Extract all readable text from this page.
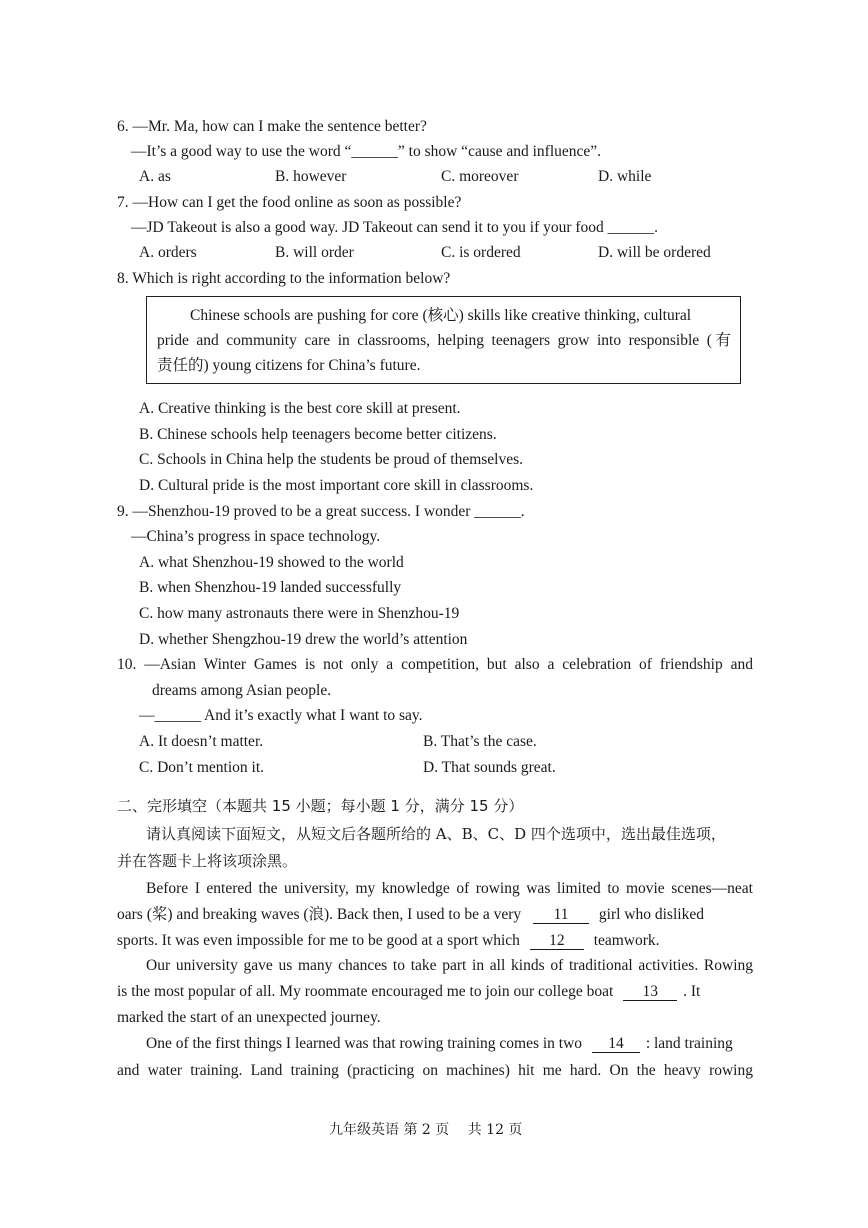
6. —Mr. Ma, how can I make the sentence better?
—It’s a good way to use the word “______” to show “cause and influence”.
A. as	B. however	C. moreover	D. while
7. —How can I get the food online as soon as possible?
—JD Takeout is also a good way. JD Takeout can send it to you if your food ______.
A. orders	B. will order	C. is ordered	D. will be ordered
8. Which is right according to the information below?
Chinese schools are pushing for core (核心) skills like creative thinking, cultural
pride and community care in classrooms, helping teenagers grow into responsible (有
责任的) young citizens for China’s future.
A. Creative thinking is the best core skill at present.
B. Chinese schools help teenagers become better citizens.
C. Schools in China help the students be proud of themselves.
D. Cultural pride is the most important core skill in classrooms.
9. —Shenzhou-19 proved to be a great success. I wonder ______.
—China’s progress in space technology.
A. what Shenzhou-19 showed to the world
B. when Shenzhou-19 landed successfully
C. how many astronauts there were in Shenzhou-19
D. whether Shengzhou-19 drew the world’s attention
10. —Asian Winter Games is not only a competition, but also a celebration of friendship and
dreams among Asian people.
—______ And it’s exactly what I want to say.
A. It doesn’t matter.	B. That’s the case.
C. Don’t mention it.	D. That sounds great.
二、完形填空（本题共 15 小题；每小题 1 分，满分 15 分）
请认真阅读下面短文，从短文后各题所给的 A、B、C、D 四个选项中，选出最佳选项，
并在答题卡上将该项涂黑。
Before I entered the university, my knowledge of rowing was limited to movie scenes—neat
oars (桨) and breaking waves (浪). Back then, I used to be a very 11 girl who disliked
sports. It was even impossible for me to be good at a sport which 12 teamwork.
Our university gave us many chances to take part in all kinds of traditional activities. Rowing
is the most popular of all. My roommate encouraged me to join our college boat 13 . It
marked the start of an unexpected journey.
One of the first things I learned was that rowing training comes in two 14 : land training
and water training. Land training (practicing on machines) hit me hard. On the heavy rowing
九年级英语 第 2 页　 共 12 页
